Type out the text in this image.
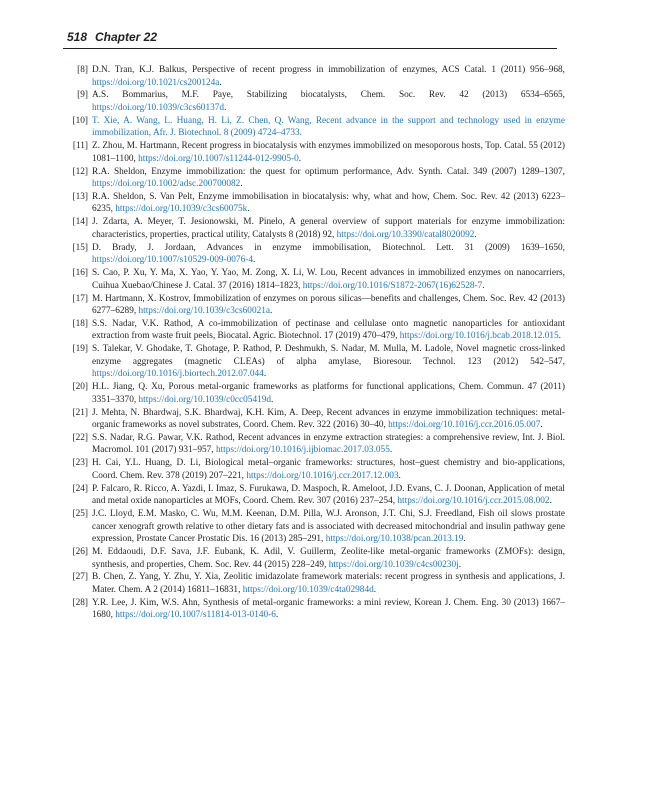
518 Chapter 22
[8] D.N. Tran, K.J. Balkus, Perspective of recent progress in immobilization of enzymes, ACS Catal. 1 (2011) 956–968, https://doi.org/10.1021/cs200124a.
[9] A.S. Bommarius, M.F. Paye, Stabilizing biocatalysts, Chem. Soc. Rev. 42 (2013) 6534–6565, https://doi.org/10.1039/c3cs60137d.
[10] T. Xie, A. Wang, L. Huang, H. Li, Z. Chen, Q. Wang, Recent advance in the support and technology used in enzyme immobilization, Afr. J. Biotechnol. 8 (2009) 4724–4733.
[11] Z. Zhou, M. Hartmann, Recent progress in biocatalysis with enzymes immobilized on mesoporous hosts, Top. Catal. 55 (2012) 1081–1100, https://doi.org/10.1007/s11244-012-9905-0.
[12] R.A. Sheldon, Enzyme immobilization: the quest for optimum performance, Adv. Synth. Catal. 349 (2007) 1289–1307, https://doi.org/10.1002/adsc.200700082.
[13] R.A. Sheldon, S. Van Pelt, Enzyme immobilisation in biocatalysis: why, what and how, Chem. Soc. Rev. 42 (2013) 6223–6235, https://doi.org/10.1039/c3cs60075k.
[14] J. Zdarta, A. Meyer, T. Jesionowski, M. Pinelo, A general overview of support materials for enzyme immobilization: characteristics, properties, practical utility, Catalysts 8 (2018) 92, https://doi.org/10.3390/catal8020092.
[15] D. Brady, J. Jordaan, Advances in enzyme immobilisation, Biotechnol. Lett. 31 (2009) 1639–1650, https://doi.org/10.1007/s10529-009-0076-4.
[16] S. Cao, P. Xu, Y. Ma, X. Yao, Y. Yao, M. Zong, X. Li, W. Lou, Recent advances in immobilized enzymes on nanocarriers, Cuihua Xuebao/Chinese J. Catal. 37 (2016) 1814–1823, https://doi.org/10.1016/S1872-2067(16)62528-7.
[17] M. Hartmann, X. Kostrov, Immobilization of enzymes on porous silicas—benefits and challenges, Chem. Soc. Rev. 42 (2013) 6277–6289, https://doi.org/10.1039/c3cs60021a.
[18] S.S. Nadar, V.K. Rathod, A co-immobilization of pectinase and cellulase onto magnetic nanoparticles for antioxidant extraction from waste fruit peels, Biocatal. Agric. Biotechnol. 17 (2019) 470–479, https://doi.org/10.1016/j.bcab.2018.12.015.
[19] S. Talekar, V. Ghodake, T. Ghotage, P. Rathod, P. Deshmukh, S. Nadar, M. Mulla, M. Ladole, Novel magnetic cross-linked enzyme aggregates (magnetic CLEAs) of alpha amylase, Bioresour. Technol. 123 (2012) 542–547, https://doi.org/10.1016/j.biortech.2012.07.044.
[20] H.L. Jiang, Q. Xu, Porous metal-organic frameworks as platforms for functional applications, Chem. Commun. 47 (2011) 3351–3370, https://doi.org/10.1039/c0cc05419d.
[21] J. Mehta, N. Bhardwaj, S.K. Bhardwaj, K.H. Kim, A. Deep, Recent advances in enzyme immobilization techniques: metal-organic frameworks as novel substrates, Coord. Chem. Rev. 322 (2016) 30–40, https://doi.org/10.1016/j.ccr.2016.05.007.
[22] S.S. Nadar, R.G. Pawar, V.K. Rathod, Recent advances in enzyme extraction strategies: a comprehensive review, Int. J. Biol. Macromol. 101 (2017) 931–957, https://doi.org/10.1016/j.ijbiomac.2017.03.055.
[23] H. Cai, Y.L. Huang, D. Li, Biological metal–organic frameworks: structures, host–guest chemistry and bio-applications, Coord. Chem. Rev. 378 (2019) 207–221, https://doi.org/10.1016/j.ccr.2017.12.003.
[24] P. Falcaro, R. Ricco, A. Yazdi, I. Imaz, S. Furukawa, D. Maspoch, R. Ameloot, J.D. Evans, C. J. Doonan, Application of metal and metal oxide nanoparticles at MOFs, Coord. Chem. Rev. 307 (2016) 237–254, https://doi.org/10.1016/j.ccr.2015.08.002.
[25] J.C. Lloyd, E.M. Masko, C. Wu, M.M. Keenan, D.M. Pilla, W.J. Aronson, J.T. Chi, S.J. Freedland, Fish oil slows prostate cancer xenograft growth relative to other dietary fats and is associated with decreased mitochondrial and insulin pathway gene expression, Prostate Cancer Prostatic Dis. 16 (2013) 285–291, https://doi.org/10.1038/pcan.2013.19.
[26] M. Eddaoudi, D.F. Sava, J.F. Eubank, K. Adil, V. Guillerm, Zeolite-like metal-organic frameworks (ZMOFs): design, synthesis, and properties, Chem. Soc. Rev. 44 (2015) 228–249, https://doi.org/10.1039/c4cs00230j.
[27] B. Chen, Z. Yang, Y. Zhu, Y. Xia, Zeolitic imidazolate framework materials: recent progress in synthesis and applications, J. Mater. Chem. A 2 (2014) 16811–16831, https://doi.org/10.1039/c4ta02984d.
[28] Y.R. Lee, J. Kim, W.S. Ahn, Synthesis of metal-organic frameworks: a mini review, Korean J. Chem. Eng. 30 (2013) 1667–1680, https://doi.org/10.1007/s11814-013-0140-6.
